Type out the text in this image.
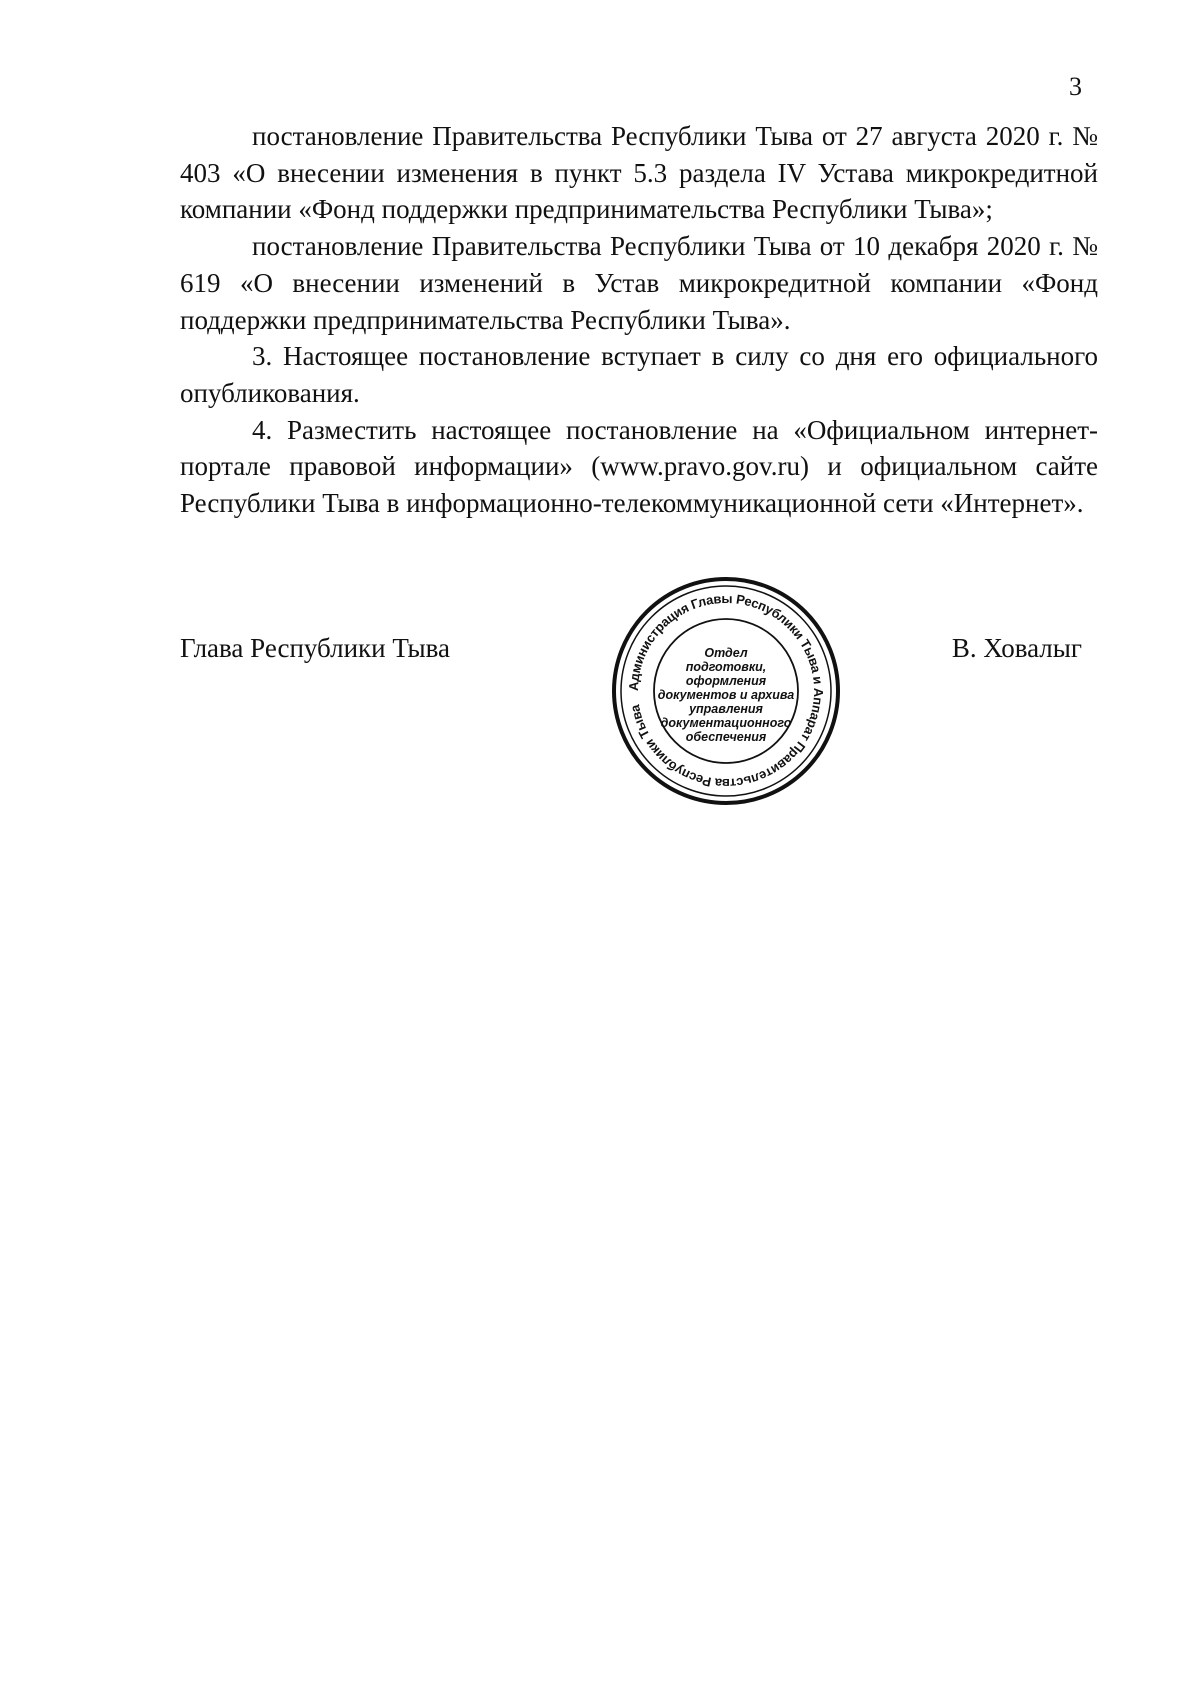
3

постановление Правительства Республики Тыва от 27 августа 2020 г. № 403 «О внесении изменения в пункт 5.3 раздела IV Устава микрокредитной компании «Фонд поддержки предпринимательства Республики Тыва»;

постановление Правительства Республики Тыва от 10 декабря 2020 г. № 619 «О внесении изменений в Устав микрокредитной компании «Фонд поддержки предпринимательства Республики Тыва».

3. Настоящее постановление вступает в силу со дня его официального опубликования.

4. Разместить настоящее постановление на «Официальном интернет-портале правовой информации» (www.pravo.gov.ru) и официальном сайте Республики Тыва в информационно-телекоммуникационной сети «Интернет».

Глава Республики Тыва	В. Ховалыг
Администрация Главы Республики Тыва и Аппарат Правительства Республики Тыва
Отдел
подготовки,
оформления
документов и архива
управления
документационного
обеспечения
